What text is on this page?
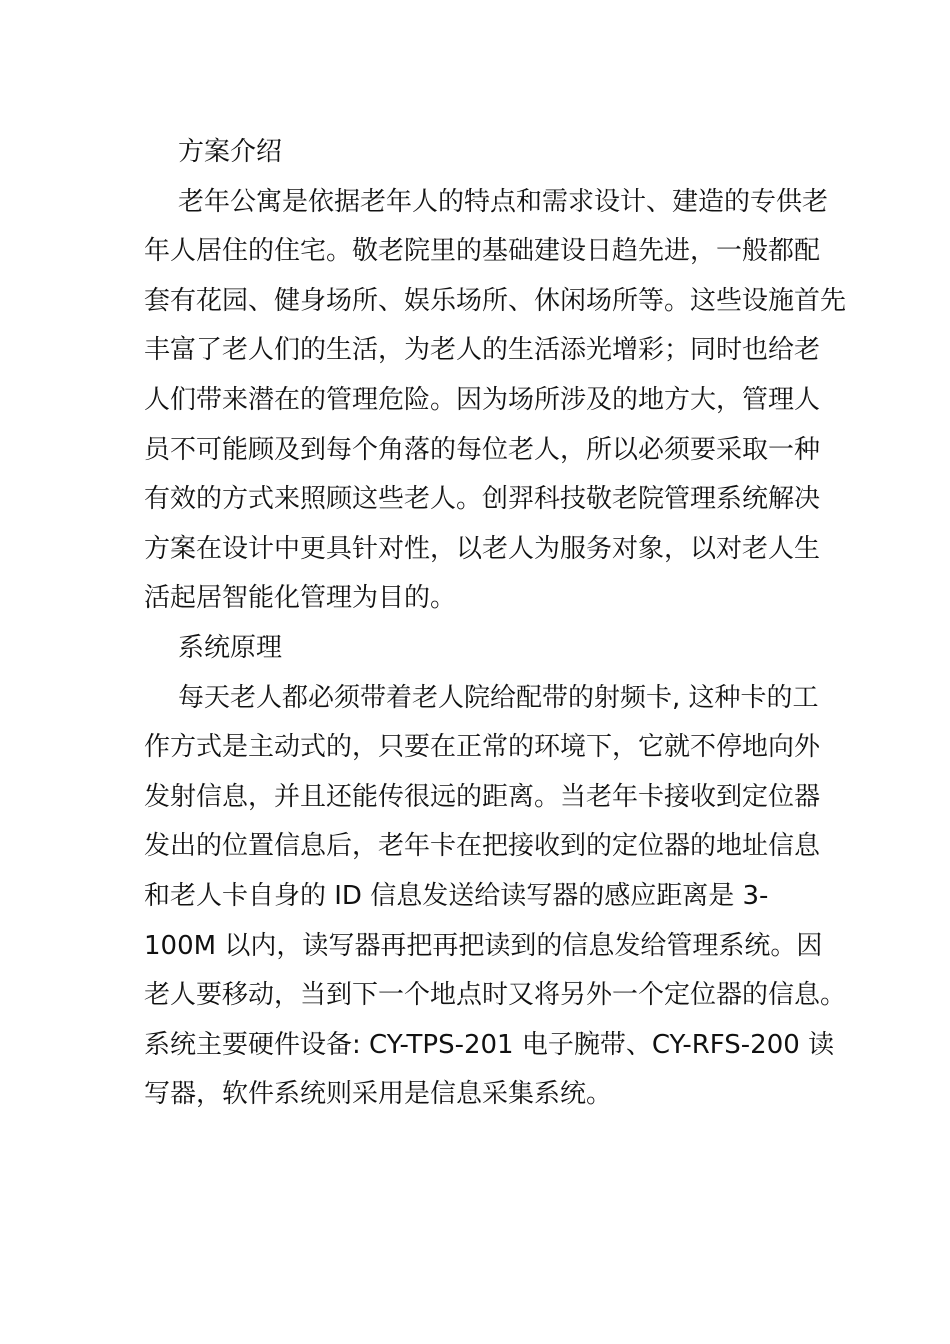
方案介绍
老年公寓是依据老年人的特点和需求设计、建造的专供老
年人居住的住宅。敬老院里的基础建设日趋先进，一般都配
套有花园、健身场所、娱乐场所、休闲场所等。这些设施首先
丰富了老人们的生活，为老人的生活添光增彩；同时也给老
人们带来潜在的管理危险。因为场所涉及的地方大，管理人
员不可能顾及到每个角落的每位老人，所以必须要采取一种
有效的方式来照顾这些老人。创羿科技敬老院管理系统解决
方案在设计中更具针对性，以老人为服务对象，以对老人生
活起居智能化管理为目的。
系统原理
每天老人都必须带着老人院给配带的射频卡, 这种卡的工
作方式是主动式的，只要在正常的环境下，它就不停地向外
发射信息，并且还能传很远的距离。当老年卡接收到定位器
发出的位置信息后，老年卡在把接收到的定位器的地址信息
和老人卡自身的 ID 信息发送给读写器的感应距离是 3-
100M 以内，读写器再把再把读到的信息发给管理系统。因
老人要移动，当到下一个地点时又将另外一个定位器的信息。
系统主要硬件设备: CY-TPS-201 电子腕带、CY-RFS-200 读
写器，软件系统则采用是信息采集系统。
